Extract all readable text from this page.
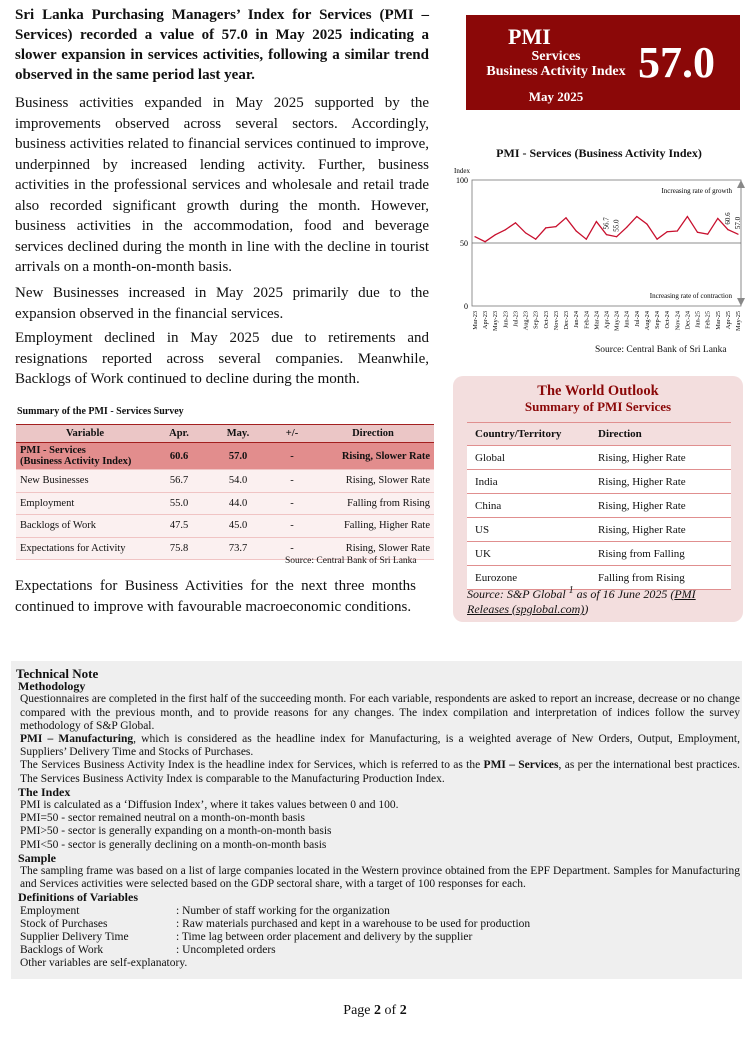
Sri Lanka Purchasing Managers’ Index for Services (PMI – Services) recorded a value of 57.0 in May 2025 indicating a slower expansion in services activities, following a similar trend observed in the same period last year.
Business activities expanded in May 2025 supported by the improvements observed across several sectors. Accordingly, business activities related to financial services continued to improve, underpinned by increased lending activity. Further, business activities in the professional services and wholesale and retail trade also recorded significant growth during the month. However, business activities in the accommodation, food and beverage services declined during the month in line with the decline in tourist arrivals on a month-on-month basis.
New Businesses increased in May 2025 primarily due to the expansion observed in the financial services.
Employment declined in May 2025 due to retirements and resignations reported across several companies. Meanwhile, Backlogs of Work continued to decline during the month.
Summary of the PMI - Services Survey
Variable	Apr.	May.	+/-	Direction
PMI - Services
(Business Activity Index)	60.6	57.0	-	Rising, Slower Rate
New Businesses	56.7	54.0	-	Rising, Slower Rate
Employment	55.0	44.0	-	Falling from Rising
Backlogs of Work	47.5	45.0	-	Falling, Higher Rate
Expectations for Activity	75.8	73.7	-	Rising, Slower Rate
Source: Central Bank of Sri Lanka
Expectations for Business Activities for the next three months continued to improve with favourable macroeconomic conditions.
PMI
Services
Business Activity Index
May 2025
57.0
PMI - Services (Business Activity Index)
Index
0
50
100
Mar-23 Apr-23 May-23 Jun-23 Jul-23 Aug-23 Sep-23 Oct-23 Nov-23 Dec-23 Jan-24 Feb-24 Mar-24 Apr-24 May-24 Jun-24 Jul-24 Aug-24 Sep-24 Oct-24 Nov-24 Dec-24 Jan-25 Feb-25 Mar-25 Apr-25 May-25
56.7 55.0
60.6 57.0
Increasing rate of growth
Increasing rate of contraction
Source: Central Bank of Sri Lanka
The World Outlook
Summary of PMI Services
Country/Territory	Direction
Global	Rising, Higher Rate
India	Rising, Higher Rate
China	Rising, Higher Rate
US	Rising, Higher Rate
UK	Rising from Falling
Eurozone	Falling from Rising
Source: S&P Global $^1$ as of 16 June 2025 (PMI Releases (spglobal.com))
Technical Note
Methodology
Questionnaires are completed in the first half of the succeeding month. For each variable, respondents are asked to report an increase, decrease or no change compared with the previous month, and to provide reasons for any changes. The index compilation and interpretation of indices follow the survey methodology of S&P Global.
PMI – Manufacturing, which is considered as the headline index for Manufacturing, is a weighted average of New Orders, Output, Employment, Suppliers’ Delivery Time and Stocks of Purchases.
The Services Business Activity Index is the headline index for Services, which is referred to as the PMI – Services, as per the international best practices. The Services Business Activity Index is comparable to the Manufacturing Production Index.
The Index
PMI is calculated as a ‘Diffusion Index’, where it takes values between 0 and 100.
PMI=50 - sector remained neutral on a month-on-month basis
PMI>50 - sector is generally expanding on a month-on-month basis
PMI<50 - sector is generally declining on a month-on-month basis
Sample
The sampling frame was based on a list of large companies located in the Western province obtained from the EPF Department. Samples for Manufacturing and Services activities were selected based on the GDP sectoral share, with a target of 100 responses for each.
Definitions of Variables
Employment	: Number of staff working for the organization
Stock of Purchases	: Raw materials purchased and kept in a warehouse to be used for production
Supplier Delivery Time	: Time lag between order placement and delivery by the supplier
Backlogs of Work	: Uncompleted orders
Other variables are self-explanatory.
Page 2 of 2
